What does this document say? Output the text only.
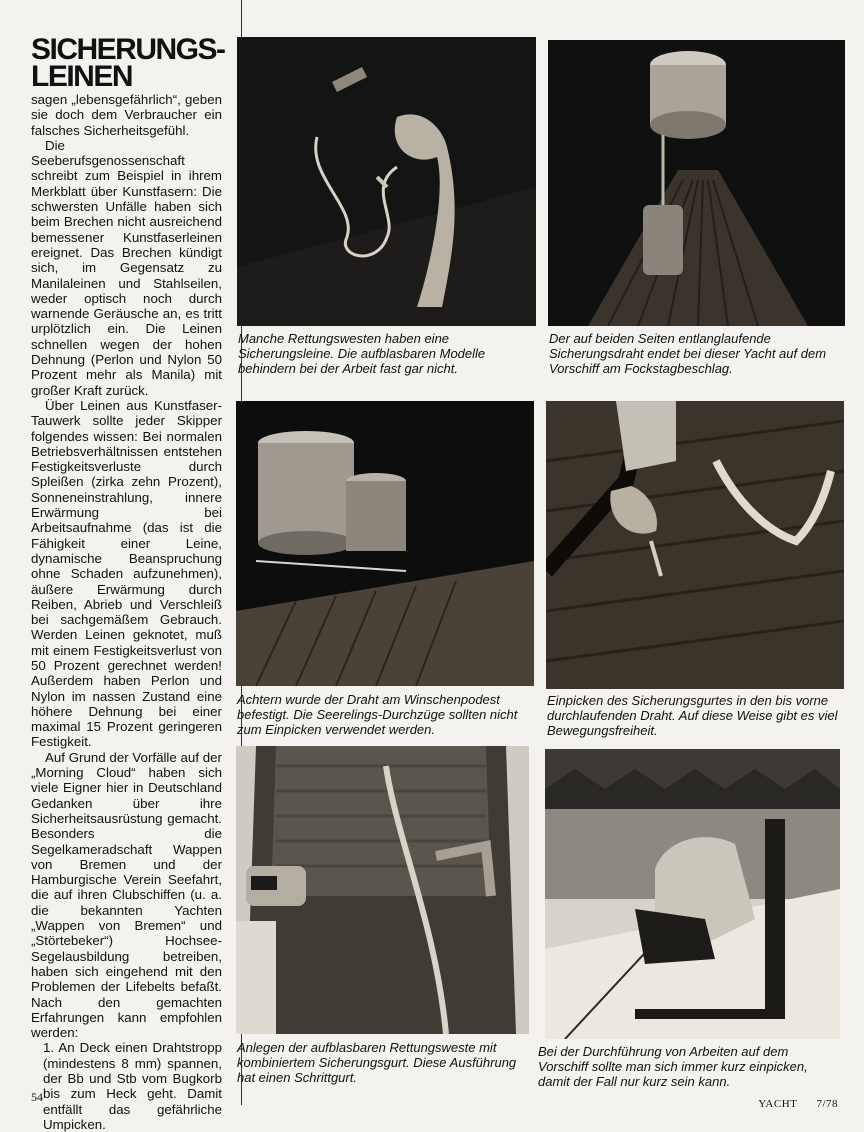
SICHERUNGS-
LEINEN

sagen „lebensgefährlich“, geben sie doch dem Verbraucher ein falsches Sicherheitsgefühl.

Die Seeberufsgenossenschaft schreibt zum Beispiel in ihrem Merkblatt über Kunstfasern: Die schwersten Unfälle haben sich beim Brechen nicht ausreichend bemessener Kunstfaserleinen ereignet. Das Brechen kündigt sich, im Gegensatz zu Manilaleinen und Stahlseilen, weder optisch noch durch warnende Geräusche an, es tritt urplötzlich ein. Die Leinen schnellen wegen der hohen Dehnung (Perlon und Nylon 50 Prozent mehr als Manila) mit großer Kraft zurück.

Über Leinen aus Kunstfaser-Tauwerk sollte jeder Skipper folgendes wissen: Bei normalen Betriebsverhältnissen entstehen Festigkeitsverluste durch Spleißen (zirka zehn Prozent), Sonneneinstrahlung, innere Erwärmung bei Arbeitsaufnahme (das ist die Fähigkeit einer Leine, dynamische Beanspruchung ohne Schaden aufzunehmen), äußere Erwärmung durch Reiben, Abrieb und Verschleiß bei sachgemäßem Gebrauch. Werden Leinen geknotet, muß mit einem Festigkeitsverlust von 50 Prozent gerechnet werden! Außerdem haben Perlon und Nylon im nassen Zustand eine höhere Dehnung bei einer maximal 15 Prozent geringeren Festigkeit.

Auf Grund der Vorfälle auf der „Morning Cloud“ haben sich viele Eigner hier in Deutschland Gedanken über ihre Sicherheitsausrüstung gemacht. Besonders die Segelkameradschaft Wappen von Bremen und der Hamburgische Verein Seefahrt, die auf ihren Clubschiffen (u. a. die bekannten Yachten „Wappen von Bremen“ und „Störtebeker“) Hochsee-Segelausbildung betreiben, haben sich eingehend mit den Problemen der Lifebelts befaßt. Nach den gemachten Erfahrungen kann empfohlen werden:

1. An Deck einen Drahtstropp (mindestens 8 mm) spannen, der Bb und Stb vom Bugkorb bis zum Heck geht. Damit entfällt das gefährliche Umpicken.

Manche Rettungswesten haben eine Sicherungsleine. Die aufblasbaren Modelle behindern bei der Arbeit fast gar nicht.
Der auf beiden Seiten entlanglaufende Sicherungsdraht endet bei dieser Yacht auf dem Vorschiff am Fockstagbeschlag.
Achtern wurde der Draht am Winschenpodest befestigt. Die Seerelings-Durchzüge sollten nicht zum Einpicken verwendet werden.
Einpicken des Sicherungsgurtes in den bis vorne durchlaufenden Draht. Auf diese Weise gibt es viel Bewegungsfreiheit.
Anlegen der aufblasbaren Rettungsweste mit kombiniertem Sicherungsgurt. Diese Ausführung hat einen Schrittgurt.
Bei der Durchführung von Arbeiten auf dem Vorschiff sollte man sich immer kurz einpicken, damit der Fall nur kurz sein kann.
54	YACHT 7/78
